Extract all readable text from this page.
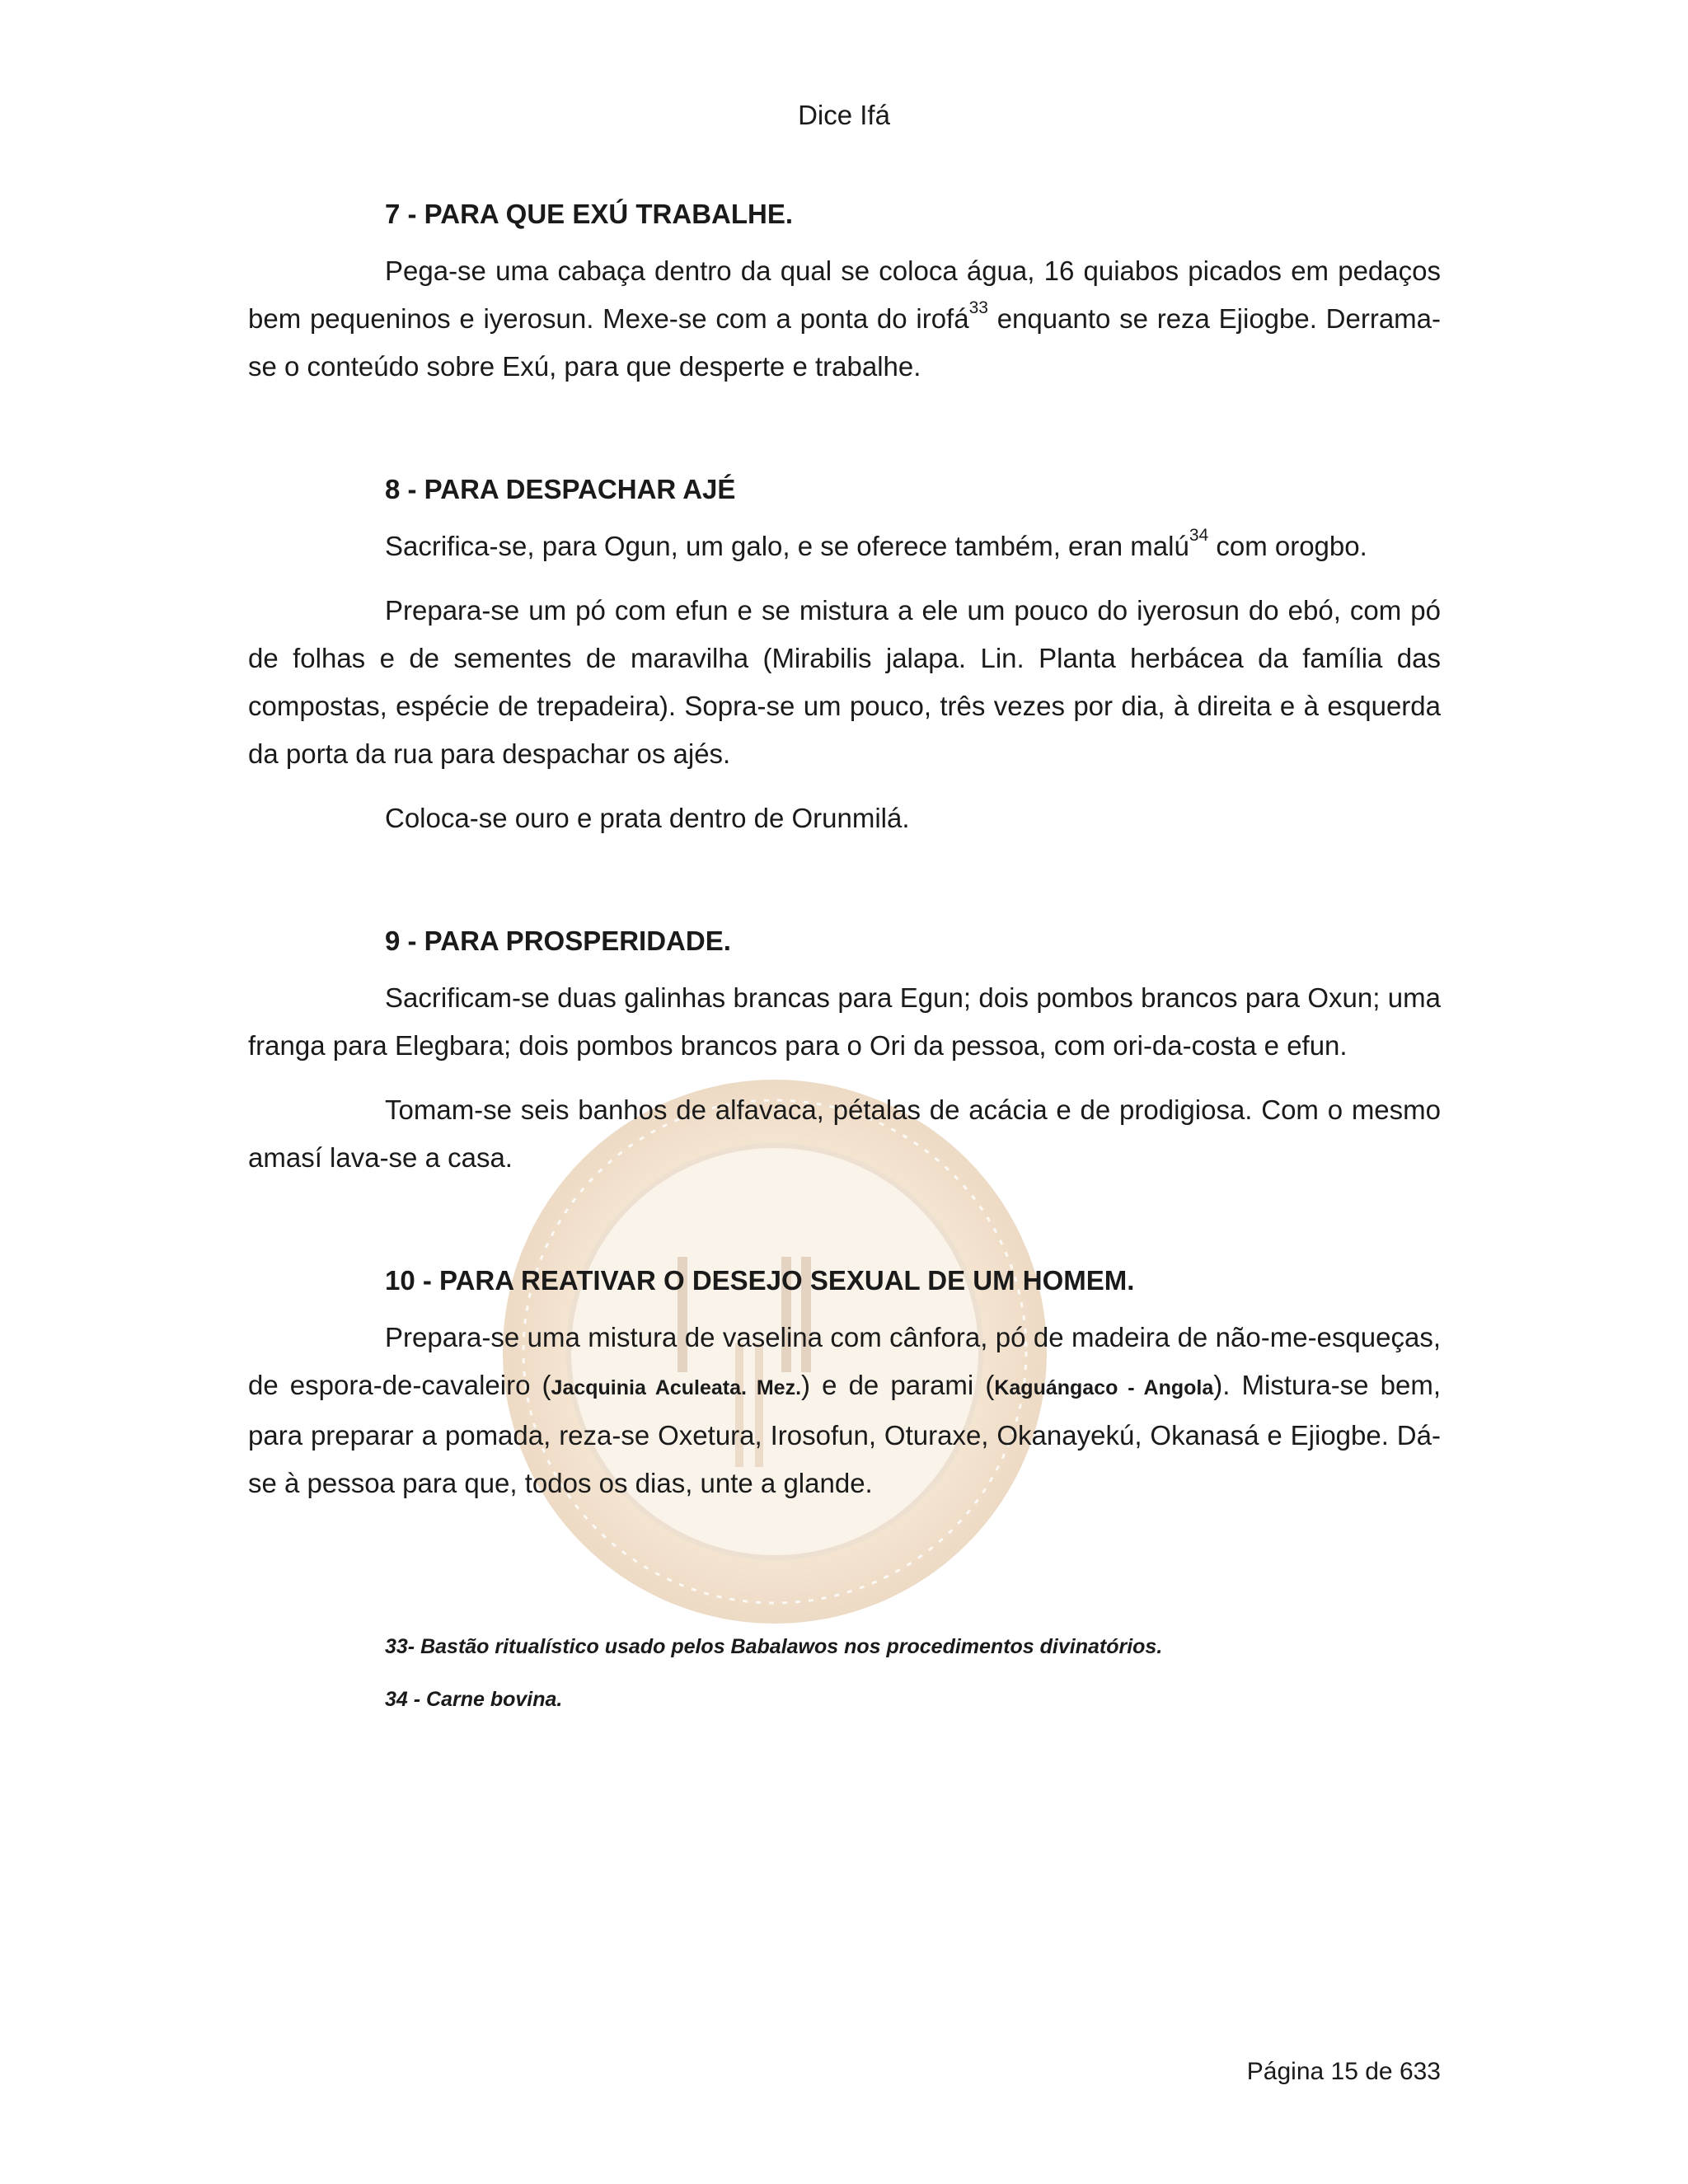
Dice Ifá

7 - PARA QUE EXÚ TRABALHE.

Pega-se uma cabaça dentro da qual se coloca água, 16 quiabos picados em pedaços bem pequeninos e iyerosun. Mexe-se com a ponta do irofá$^{33}$ enquanto se reza Ejiogbe. Derrama-se o conteúdo sobre Exú, para que desperte e trabalhe.

8 - PARA DESPACHAR AJÉ

Sacrifica-se, para Ogun, um galo, e se oferece também, eran malú$^{34}$ com orogbo.

Prepara-se um pó com efun e se mistura a ele um pouco do iyerosun do ebó, com pó de folhas e de sementes de maravilha (Mirabilis jalapa. Lin. Planta herbácea da família das compostas, espécie de trepadeira). Sopra-se um pouco, três vezes por dia, à direita e à esquerda da porta da rua para despachar os ajés.

Coloca-se ouro e prata dentro de Orunmilá.

9 - PARA PROSPERIDADE.

Sacrificam-se duas galinhas brancas para Egun; dois pombos brancos para Oxun; uma franga para Elegbara; dois pombos brancos para o Ori da pessoa, com ori-da-costa e efun.

Tomam-se seis banhos de alfavaca, pétalas de acácia e de prodigiosa. Com o mesmo amasí lava-se a casa.

10 - PARA REATIVAR O DESEJO SEXUAL DE UM HOMEM.

Prepara-se uma mistura de vaselina com cânfora, pó de madeira de não-me-esqueças, de espora-de-cavaleiro (Jacquinia Aculeata. Mez.) e de parami (Kaguángaco - Angola). Mistura-se bem, para preparar a pomada, reza-se Oxetura, Irosofun, Oturaxe, Okanayekú, Okanasá e Ejiogbe. Dá-se à pessoa para que, todos os dias, unte a glande.

33- Bastão ritualístico usado pelos Babalawos nos procedimentos divinatórios.

34 - Carne bovina.

Página 15 de 633
